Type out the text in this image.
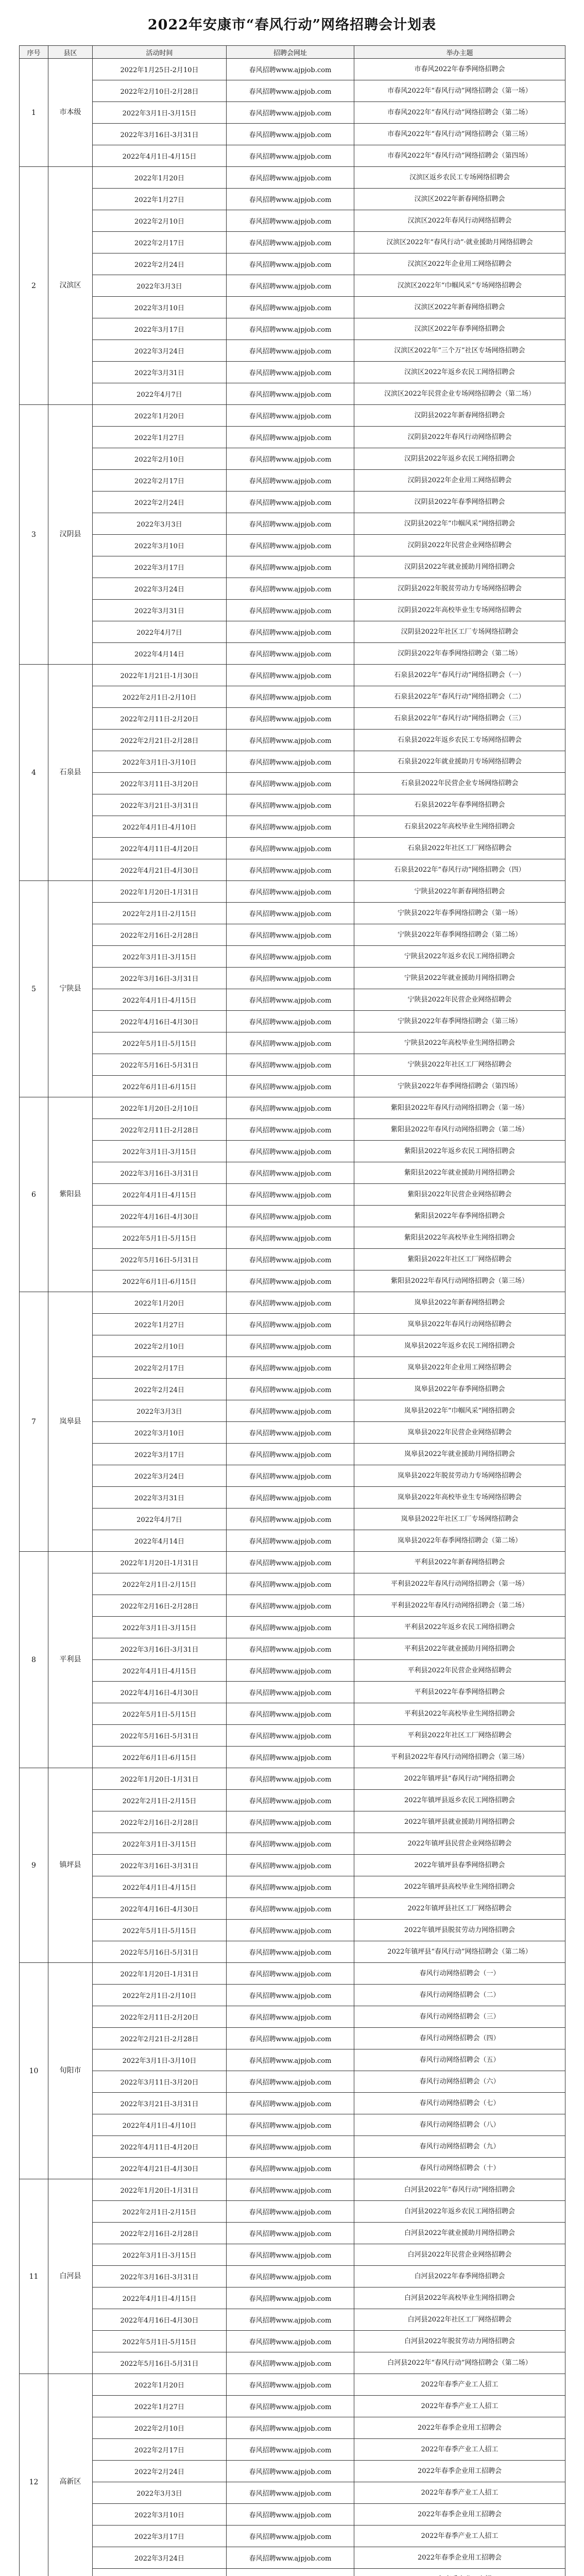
2022年安康市“春风行动”网络招聘会计划表
序号	县区	活动时间	招聘会网址	举办主题
1	市本级	2022年1月25日-2月10日	春风招聘www.ajpjob.com	市春风2022年春季网络招聘会
		2022年2月10日-2月28日	春风招聘www.ajpjob.com	市春风2022年“春风行动”网络招聘会（第一场）
		2022年3月1日-3月15日	春风招聘www.ajpjob.com	市春风2022年“春风行动”网络招聘会（第二场）
		2022年3月16日-3月31日	春风招聘www.ajpjob.com	市春风2022年“春风行动”网络招聘会（第三场）
		2022年4月1日-4月15日	春风招聘www.ajpjob.com	市春风2022年“春风行动”网络招聘会（第四场）
2	汉滨区	2022年1月20日	春风招聘www.ajpjob.com	汉滨区返乡农民工专场网络招聘会
		2022年1月27日	春风招聘www.ajpjob.com	汉滨区2022年新春网络招聘会
		2022年2月10日	春风招聘www.ajpjob.com	汉滨区2022年春风行动网络招聘会
		2022年2月17日	春风招聘www.ajpjob.com	汉滨区2022年“春风行动”·就业援助月网络招聘会
		2022年2月24日	春风招聘www.ajpjob.com	汉滨区2022年企业用工网络招聘会
		2022年3月3日	春风招聘www.ajpjob.com	汉滨区2022年“巾帼风采”专场网络招聘会
		2022年3月10日	春风招聘www.ajpjob.com	汉滨区2022年新春网络招聘会
		2022年3月17日	春风招聘www.ajpjob.com	汉滨区2022年春季网络招聘会
		2022年3月24日	春风招聘www.ajpjob.com	汉滨区2022年“三个万”社区专场网络招聘会
		2022年3月31日	春风招聘www.ajpjob.com	汉滨区2022年返乡农民工网络招聘会
		2022年4月7日	春风招聘www.ajpjob.com	汉滨区2022年民营企业专场网络招聘会（第二场）
3	汉阴县	2022年1月20日	春风招聘www.ajpjob.com	汉阴县2022年新春网络招聘会
		2022年1月27日	春风招聘www.ajpjob.com	汉阴县2022年春风行动网络招聘会
		2022年2月10日	春风招聘www.ajpjob.com	汉阴县2022年返乡农民工网络招聘会
		2022年2月17日	春风招聘www.ajpjob.com	汉阴县2022年企业用工网络招聘会
		2022年2月24日	春风招聘www.ajpjob.com	汉阴县2022年春季网络招聘会
		2022年3月3日	春风招聘www.ajpjob.com	汉阴县2022年“巾帼风采”网络招聘会
		2022年3月10日	春风招聘www.ajpjob.com	汉阴县2022年民营企业网络招聘会
		2022年3月17日	春风招聘www.ajpjob.com	汉阴县2022年就业援助月网络招聘会
		2022年3月24日	春风招聘www.ajpjob.com	汉阴县2022年脱贫劳动力专场网络招聘会
		2022年3月31日	春风招聘www.ajpjob.com	汉阴县2022年高校毕业生专场网络招聘会
		2022年4月7日	春风招聘www.ajpjob.com	汉阴县2022年社区工厂专场网络招聘会
		2022年4月14日	春风招聘www.ajpjob.com	汉阴县2022年春季网络招聘会（第二场）
4	石泉县	2022年1月21日-1月30日	春风招聘www.ajpjob.com	石泉县2022年“春风行动”网络招聘会（一）
		2022年2月1日-2月10日	春风招聘www.ajpjob.com	石泉县2022年“春风行动”网络招聘会（二）
		2022年2月11日-2月20日	春风招聘www.ajpjob.com	石泉县2022年“春风行动”网络招聘会（三）
		2022年2月21日-2月28日	春风招聘www.ajpjob.com	石泉县2022年返乡农民工专场网络招聘会
		2022年3月1日-3月10日	春风招聘www.ajpjob.com	石泉县2022年就业援助月专场网络招聘会
		2022年3月11日-3月20日	春风招聘www.ajpjob.com	石泉县2022年民营企业专场网络招聘会
		2022年3月21日-3月31日	春风招聘www.ajpjob.com	石泉县2022年春季网络招聘会
		2022年4月1日-4月10日	春风招聘www.ajpjob.com	石泉县2022年高校毕业生网络招聘会
		2022年4月11日-4月20日	春风招聘www.ajpjob.com	石泉县2022年社区工厂网络招聘会
		2022年4月21日-4月30日	春风招聘www.ajpjob.com	石泉县2022年“春风行动”网络招聘会（四）
5	宁陕县	2022年1月20日-1月31日	春风招聘www.ajpjob.com	宁陕县2022年新春网络招聘会
		2022年2月1日-2月15日	春风招聘www.ajpjob.com	宁陕县2022年春季网络招聘会（第一场）
		2022年2月16日-2月28日	春风招聘www.ajpjob.com	宁陕县2022年春季网络招聘会（第二场）
		2022年3月1日-3月15日	春风招聘www.ajpjob.com	宁陕县2022年返乡农民工网络招聘会
		2022年3月16日-3月31日	春风招聘www.ajpjob.com	宁陕县2022年就业援助月网络招聘会
		2022年4月1日-4月15日	春风招聘www.ajpjob.com	宁陕县2022年民营企业网络招聘会
		2022年4月16日-4月30日	春风招聘www.ajpjob.com	宁陕县2022年春季网络招聘会（第三场）
		2022年5月1日-5月15日	春风招聘www.ajpjob.com	宁陕县2022年高校毕业生网络招聘会
		2022年5月16日-5月31日	春风招聘www.ajpjob.com	宁陕县2022年社区工厂网络招聘会
		2022年6月1日-6月15日	春风招聘www.ajpjob.com	宁陕县2022年春季网络招聘会（第四场）
6	紫阳县	2022年1月20日-2月10日	春风招聘www.ajpjob.com	紫阳县2022年春风行动网络招聘会（第一场）
		2022年2月11日-2月28日	春风招聘www.ajpjob.com	紫阳县2022年春风行动网络招聘会（第二场）
		2022年3月1日-3月15日	春风招聘www.ajpjob.com	紫阳县2022年返乡农民工网络招聘会
		2022年3月16日-3月31日	春风招聘www.ajpjob.com	紫阳县2022年就业援助月网络招聘会
		2022年4月1日-4月15日	春风招聘www.ajpjob.com	紫阳县2022年民营企业网络招聘会
		2022年4月16日-4月30日	春风招聘www.ajpjob.com	紫阳县2022年春季网络招聘会
		2022年5月1日-5月15日	春风招聘www.ajpjob.com	紫阳县2022年高校毕业生网络招聘会
		2022年5月16日-5月31日	春风招聘www.ajpjob.com	紫阳县2022年社区工厂网络招聘会
		2022年6月1日-6月15日	春风招聘www.ajpjob.com	紫阳县2022年春风行动网络招聘会（第三场）
7	岚皋县	2022年1月20日	春风招聘www.ajpjob.com	岚皋县2022年新春网络招聘会
		2022年1月27日	春风招聘www.ajpjob.com	岚皋县2022年春风行动网络招聘会
		2022年2月10日	春风招聘www.ajpjob.com	岚皋县2022年返乡农民工网络招聘会
		2022年2月17日	春风招聘www.ajpjob.com	岚皋县2022年企业用工网络招聘会
		2022年2月24日	春风招聘www.ajpjob.com	岚皋县2022年春季网络招聘会
		2022年3月3日	春风招聘www.ajpjob.com	岚皋县2022年“巾帼风采”网络招聘会
		2022年3月10日	春风招聘www.ajpjob.com	岚皋县2022年民营企业网络招聘会
		2022年3月17日	春风招聘www.ajpjob.com	岚皋县2022年就业援助月网络招聘会
		2022年3月24日	春风招聘www.ajpjob.com	岚皋县2022年脱贫劳动力专场网络招聘会
		2022年3月31日	春风招聘www.ajpjob.com	岚皋县2022年高校毕业生专场网络招聘会
		2022年4月7日	春风招聘www.ajpjob.com	岚皋县2022年社区工厂专场网络招聘会
		2022年4月14日	春风招聘www.ajpjob.com	岚皋县2022年春季网络招聘会（第二场）
8	平利县	2022年1月20日-1月31日	春风招聘www.ajpjob.com	平利县2022年新春网络招聘会
		2022年2月1日-2月15日	春风招聘www.ajpjob.com	平利县2022年春风行动网络招聘会（第一场）
		2022年2月16日-2月28日	春风招聘www.ajpjob.com	平利县2022年春风行动网络招聘会（第二场）
		2022年3月1日-3月15日	春风招聘www.ajpjob.com	平利县2022年返乡农民工网络招聘会
		2022年3月16日-3月31日	春风招聘www.ajpjob.com	平利县2022年就业援助月网络招聘会
		2022年4月1日-4月15日	春风招聘www.ajpjob.com	平利县2022年民营企业网络招聘会
		2022年4月16日-4月30日	春风招聘www.ajpjob.com	平利县2022年春季网络招聘会
		2022年5月1日-5月15日	春风招聘www.ajpjob.com	平利县2022年高校毕业生网络招聘会
		2022年5月16日-5月31日	春风招聘www.ajpjob.com	平利县2022年社区工厂网络招聘会
		2022年6月1日-6月15日	春风招聘www.ajpjob.com	平利县2022年春风行动网络招聘会（第三场）
9	镇坪县	2022年1月20日-1月31日	春风招聘www.ajpjob.com	2022年镇坪县“春风行动”网络招聘会
		2022年2月1日-2月15日	春风招聘www.ajpjob.com	2022年镇坪县返乡农民工网络招聘会
		2022年2月16日-2月28日	春风招聘www.ajpjob.com	2022年镇坪县就业援助月网络招聘会
		2022年3月1日-3月15日	春风招聘www.ajpjob.com	2022年镇坪县民营企业网络招聘会
		2022年3月16日-3月31日	春风招聘www.ajpjob.com	2022年镇坪县春季网络招聘会
		2022年4月1日-4月15日	春风招聘www.ajpjob.com	2022年镇坪县高校毕业生网络招聘会
		2022年4月16日-4月30日	春风招聘www.ajpjob.com	2022年镇坪县社区工厂网络招聘会
		2022年5月1日-5月15日	春风招聘www.ajpjob.com	2022年镇坪县脱贫劳动力网络招聘会
		2022年5月16日-5月31日	春风招聘www.ajpjob.com	2022年镇坪县“春风行动”网络招聘会（第二场）
10	旬阳市	2022年1月20日-1月31日	春风招聘www.ajpjob.com	春风行动网络招聘会（一）
		2022年2月1日-2月10日	春风招聘www.ajpjob.com	春风行动网络招聘会（二）
		2022年2月11日-2月20日	春风招聘www.ajpjob.com	春风行动网络招聘会（三）
		2022年2月21日-2月28日	春风招聘www.ajpjob.com	春风行动网络招聘会（四）
		2022年3月1日-3月10日	春风招聘www.ajpjob.com	春风行动网络招聘会（五）
		2022年3月11日-3月20日	春风招聘www.ajpjob.com	春风行动网络招聘会（六）
		2022年3月21日-3月31日	春风招聘www.ajpjob.com	春风行动网络招聘会（七）
		2022年4月1日-4月10日	春风招聘www.ajpjob.com	春风行动网络招聘会（八）
		2022年4月11日-4月20日	春风招聘www.ajpjob.com	春风行动网络招聘会（九）
		2022年4月21日-4月30日	春风招聘www.ajpjob.com	春风行动网络招聘会（十）
11	白河县	2022年1月20日-1月31日	春风招聘www.ajpjob.com	白河县2022年“春风行动”网络招聘会
		2022年2月1日-2月15日	春风招聘www.ajpjob.com	白河县2022年返乡农民工网络招聘会
		2022年2月16日-2月28日	春风招聘www.ajpjob.com	白河县2022年就业援助月网络招聘会
		2022年3月1日-3月15日	春风招聘www.ajpjob.com	白河县2022年民营企业网络招聘会
		2022年3月16日-3月31日	春风招聘www.ajpjob.com	白河县2022年春季网络招聘会
		2022年4月1日-4月15日	春风招聘www.ajpjob.com	白河县2022年高校毕业生网络招聘会
		2022年4月16日-4月30日	春风招聘www.ajpjob.com	白河县2022年社区工厂网络招聘会
		2022年5月1日-5月15日	春风招聘www.ajpjob.com	白河县2022年脱贫劳动力网络招聘会
		2022年5月16日-5月31日	春风招聘www.ajpjob.com	白河县2022年“春风行动”网络招聘会（第二场）
12	高新区	2022年1月20日	春风招聘www.ajpjob.com	2022年春季产业工人招工
		2022年1月27日	春风招聘www.ajpjob.com	2022年春季产业工人招工
		2022年2月10日	春风招聘www.ajpjob.com	2022年春季企业用工招聘会
		2022年2月17日	春风招聘www.ajpjob.com	2022年春季产业工人招工
		2022年2月24日	春风招聘www.ajpjob.com	2022年春季企业用工招聘会
		2022年3月3日	春风招聘www.ajpjob.com	2022年春季产业工人招工
		2022年3月10日	春风招聘www.ajpjob.com	2022年春季企业用工招聘会
		2022年3月17日	春风招聘www.ajpjob.com	2022年春季产业工人招工
		2022年3月24日	春风招聘www.ajpjob.com	2022年春季企业用工招聘会
